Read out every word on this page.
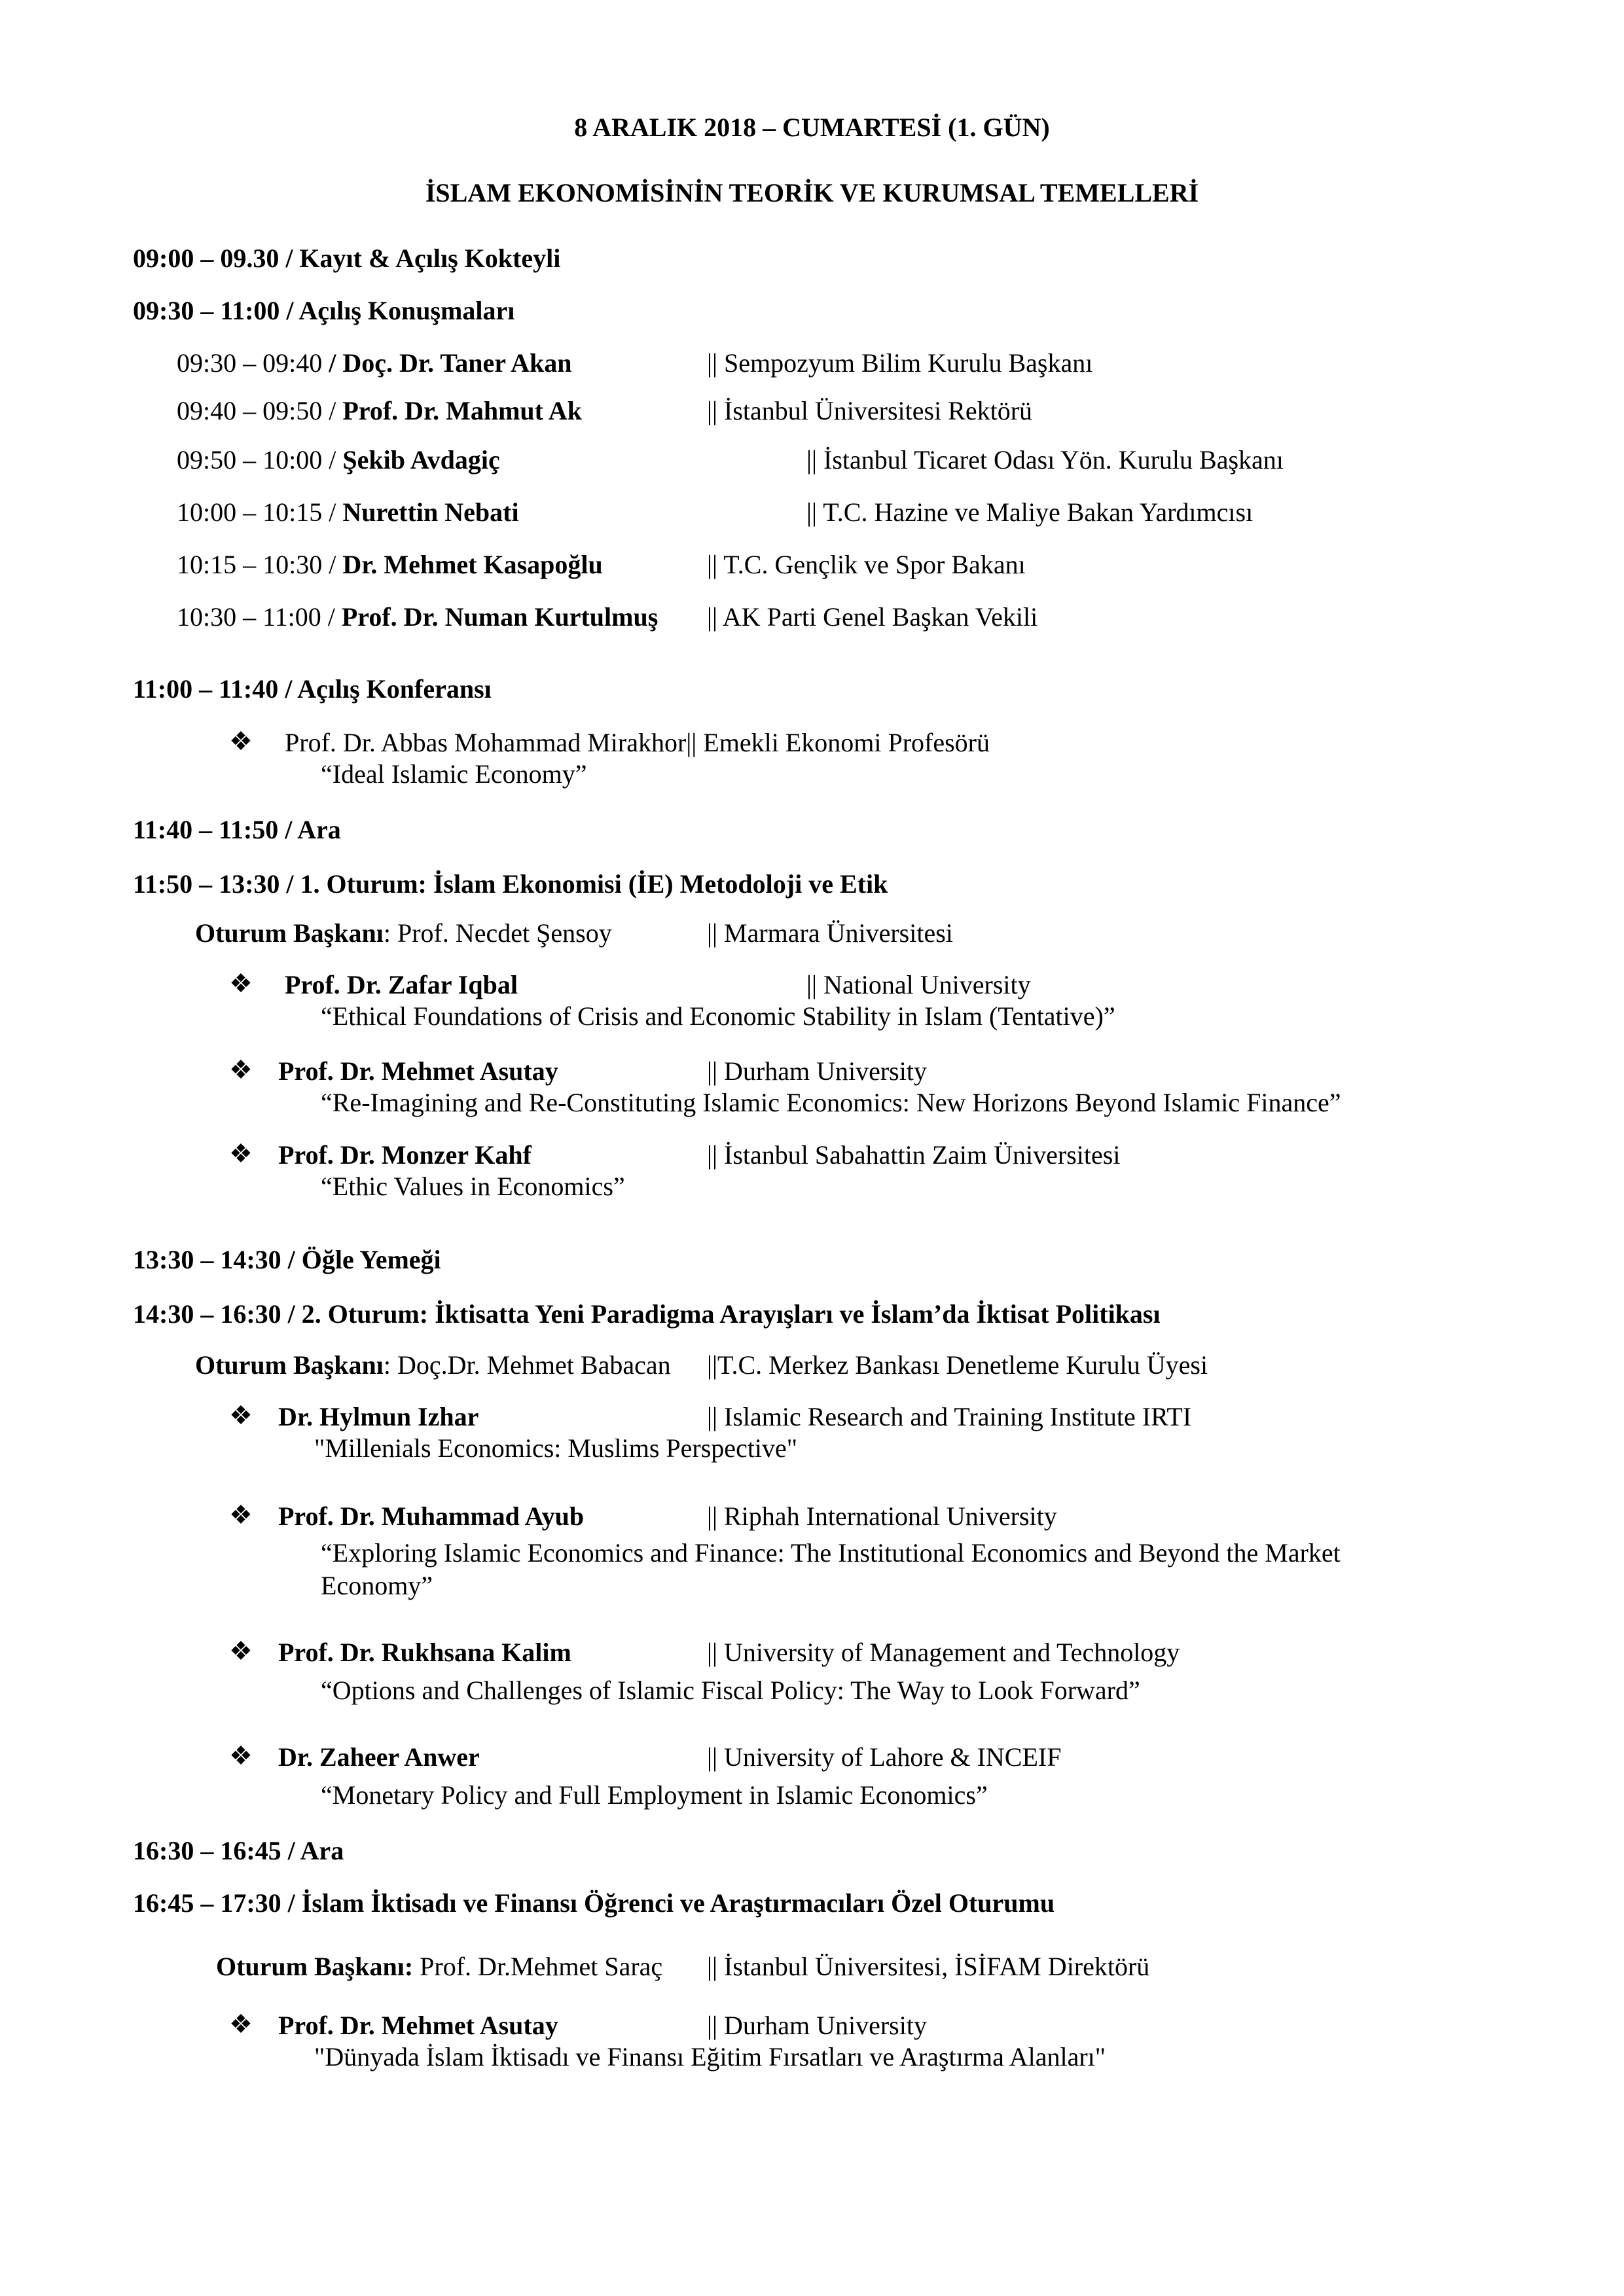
8 ARALIK 2018 – CUMARTESİ (1. GÜN)
İSLAM EKONOMİSİNİN TEORİK VE KURUMSAL TEMELLERİ
09:00 – 09.30 / Kayıt & Açılış Kokteyli
09:30 – 11:00 / Açılış Konuşmaları
09:30 – 09:40 / Doç. Dr. Taner Akan	|| Sempozyum Bilim Kurulu Başkanı
09:40 – 09:50 / Prof. Dr. Mahmut Ak	|| İstanbul Üniversitesi Rektörü
09:50 – 10:00 / Şekib Avdagiç	|| İstanbul Ticaret Odası Yön. Kurulu Başkanı
10:00 – 10:15 / Nurettin Nebati	|| T.C. Hazine ve Maliye Bakan Yardımcısı
10:15 – 10:30 / Dr. Mehmet Kasapoğlu	|| T.C. Gençlik ve Spor Bakanı
10:30 – 11:00 / Prof. Dr. Numan Kurtulmuş || AK Parti Genel Başkan Vekili
11:00 – 11:40 / Açılış Konferansı
❖ Prof. Dr. Abbas Mohammad Mirakhor|| Emekli Ekonomi Profesörü
“Ideal Islamic Economy”
11:40 – 11:50 / Ara
11:50 – 13:30 / 1. Oturum: İslam Ekonomisi (İE) Metodoloji ve Etik
Oturum Başkanı: Prof. Necdet Şensoy	|| Marmara Üniversitesi
❖ Prof. Dr. Zafar Iqbal	|| National University
“Ethical Foundations of Crisis and Economic Stability in Islam (Tentative)”
❖ Prof. Dr. Mehmet Asutay	|| Durham University
“Re-Imagining and Re-Constituting Islamic Economics: New Horizons Beyond Islamic Finance”
❖ Prof. Dr. Monzer Kahf	|| İstanbul Sabahattin Zaim Üniversitesi
“Ethic Values in Economics”
13:30 – 14:30 / Öğle Yemeği
14:30 – 16:30 / 2. Oturum: İktisatta Yeni Paradigma Arayışları ve İslam’da İktisat Politikası
Oturum Başkanı: Doç.Dr. Mehmet Babacan ||T.C. Merkez Bankası Denetleme Kurulu Üyesi
❖ Dr. Hylmun Izhar	|| Islamic Research and Training Institute IRTI
"Millenials Economics: Muslims Perspective"
❖ Prof. Dr. Muhammad Ayub	|| Riphah International University
“Exploring Islamic Economics and Finance: The Institutional Economics and Beyond the Market
Economy”
❖ Prof. Dr. Rukhsana Kalim	|| University of Management and Technology
“Options and Challenges of Islamic Fiscal Policy: The Way to Look Forward”
❖ Dr. Zaheer Anwer	|| University of Lahore & INCEIF
“Monetary Policy and Full Employment in Islamic Economics”
16:30 – 16:45 / Ara
16:45 – 17:30 / İslam İktisadı ve Finansı Öğrenci ve Araştırmacıları Özel Oturumu
Oturum Başkanı: Prof. Dr.Mehmet Saraç || İstanbul Üniversitesi, İSİFAM Direktörü
❖ Prof. Dr. Mehmet Asutay	|| Durham University
"Dünyada İslam İktisadı ve Finansı Eğitim Fırsatları ve Araştırma Alanları"
